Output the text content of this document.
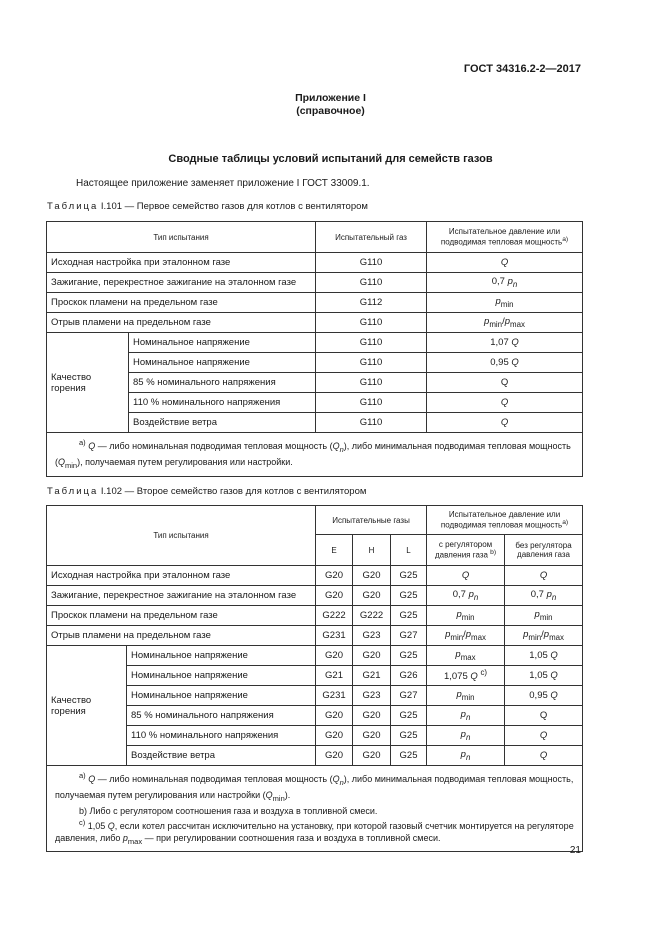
ГОСТ 34316.2-2—2017
Приложение I
(справочное)
Сводные таблицы условий испытаний для семейств газов
Настоящее приложение заменяет приложение I ГОСТ 33009.1.
Таблица I.101 — Первое семейство газов для котлов с вентилятором
Тип испытания		Испытательный газ	Испытательное давление или подводимая тепловая мощность$^{a)}$
Исходная настройка при эталонном газе		G110	Q
Зажигание, перекрестное зажигание на эталонном газе		G110	0,7 $p_n$
Проскок пламени на предельном газе		G112	$p_{min}$
Отрыв пламени на предельном газе		G110	$p_{min}/p_{max}$
Качество горения	Номинальное напряжение	G110	1,07 Q
	Номинальное напряжение	G110	0,95 Q
	85 % номинального напряжения	G110	Q
	110 % номинального напряжения	G110	Q
	Воздействие ветра	G110	Q

$^{a)}$ Q — либо номинальная подводимая тепловая мощность $(Q_n)$, либо минимальная подводимая тепловая мощность $(Q_{min})$, получаемая путем регулирования или настройки.			
Таблица I.102 — Второе семейство газов для котлов с вентилятором
Тип испытания		Испытательные газы			Испытательное давление или подводимая тепловая мощность$^{a)}$
		E	H	L	с регулятором давления газа $^{b)}$	без регулятора давления газа
Исходная настройка при эталонном газе		G20	G20	G25	Q	Q
Зажигание, перекрестное зажигание на эталонном газе		G20	G20	G25	0,7 $p_n$	0,7 $p_n$
Проскок пламени на предельном газе		G222	G222	G25	$p_{min}$	$p_{min}$
Отрыв пламени на предельном газе		G231	G23	G27	$p_{min}/p_{max}$	$p_{min}/p_{max}$
Качество горения	Номинальное напряжение	G20	G20	G25	$p_{max}$	1,05 Q
	Номинальное напряжение	G21	G21	G26	1,075 Q $^{c)}$	1,05 Q
	Номинальное напряжение	G231	G23	G27	$p_{min}$	0,95 Q
	85 % номинального напряжения	G20	G20	G25	$p_n$	Q
	110 % номинального напряжения	G20	G20	G25	$p_n$	Q
	Воздействие ветра	G20	G20	G25	$p_n$	Q

$^{a)}$ Q — либо номинальная подводимая тепловая мощность $(Q_n)$, либо минимальная подводимая тепловая мощность, получаемая путем регулирования или настройки $(Q_{min})$.
b) Либо с регулятором соотношения газа и воздуха в топливной смеси.
$^{c)}$ 1,05 Q, если котел рассчитан исключительно на установку, при которой газовый счетчик монтируется на регуляторе давления, либо $p_{max}$ — при регулировании соотношения газа и воздуха в топливной смеси.						
21
